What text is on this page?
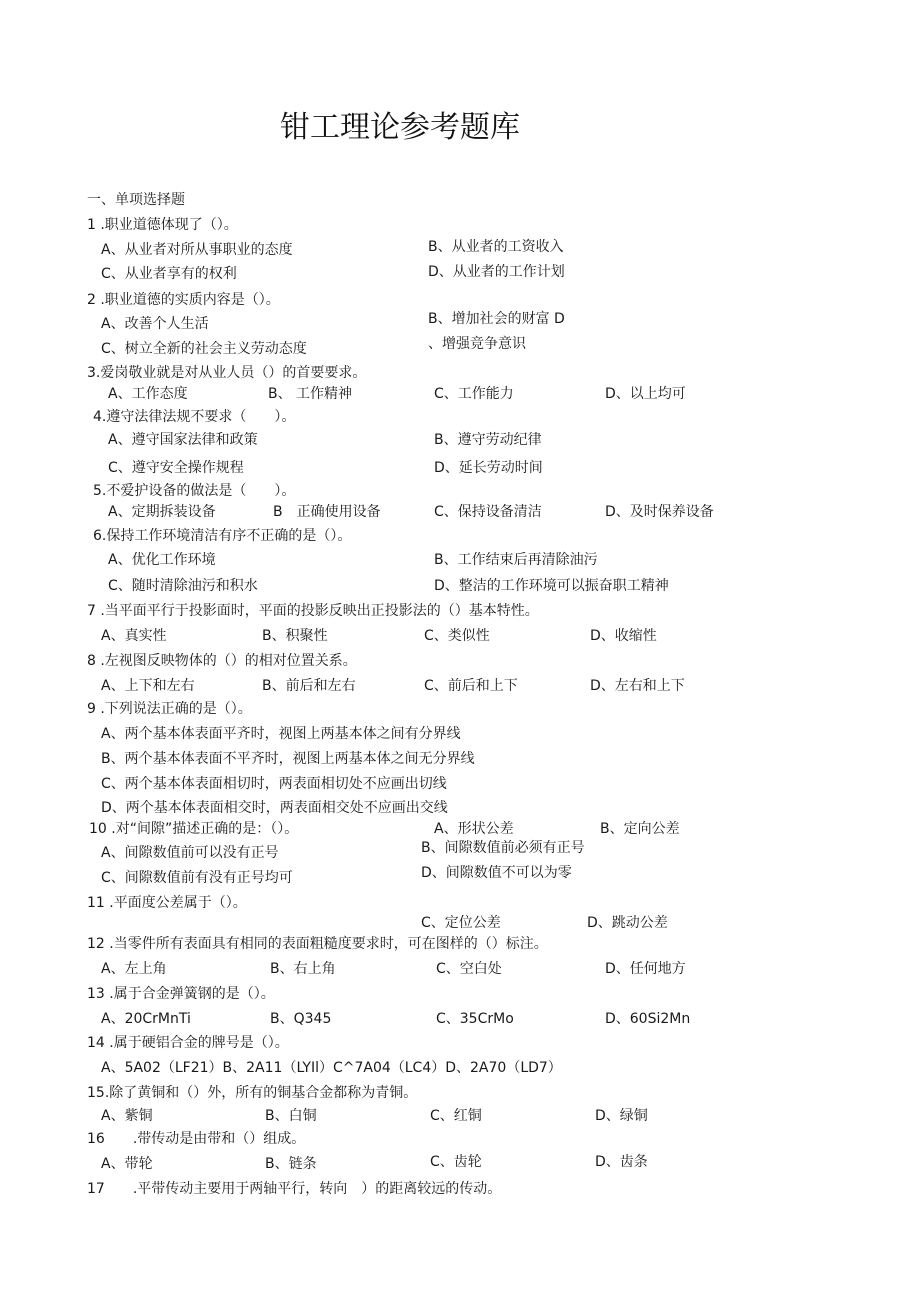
钳工理论参考题库
一、单项选择题
1 .职业道德体现了（）。
A、从业者对所从事职业的态度	B、从业者的工资收入
C、从业者享有的权利	D、从业者的工作计划
2 .职业道德的实质内容是（）。
A、改善个人生活	B、增加社会的财富 D
C、树立全新的社会主义劳动态度	、增强竞争意识
3.爱岗敬业就是对从业人员（）的首要要求。
A、工作态度	B、 工作精神	C、工作能力	D、以上均可
4.遵守法律法规不要求（　　）。
A、遵守国家法律和政策	B、遵守劳动纪律
C、遵守安全操作规程	D、延长劳动时间
5.不爱护设备的做法是（　　）。
A、定期拆装设备	B　正确使用设备	C、保持设备清洁	D、及时保养设备
6.保持工作环境清洁有序不正确的是（）。
A、优化工作环境	B、工作结束后再清除油污
C、随时清除油污和积水	D、整洁的工作环境可以振奋职工精神
7 .当平面平行于投影面时，平面的投影反映出正投影法的（）基本特性。
A、真实性	B、积聚性	C、类似性	D、收缩性
8 .左视图反映物体的（）的相对位置关系。
A、上下和左右	B、前后和左右	C、前后和上下	D、左右和上下
9 .下列说法正确的是（）。
A、两个基本体表面平齐时，视图上两基本体之间有分界线
B、两个基本体表面不平齐时，视图上两基本体之间无分界线
C、两个基本体表面相切时，两表面相切处不应画出切线
D、两个基本体表面相交时，两表面相交处不应画出交线
10 .对“间隙”描述正确的是：（）。	A、形状公差	B、定向公差
A、间隙数值前可以没有正号	B、间隙数值前必须有正号
C、间隙数值前有没有正号均可	D、间隙数值不可以为零
11 .平面度公差属于（）。
C、定位公差	D、跳动公差
12 .当零件所有表面具有相同的表面粗糙度要求时，可在图样的（）标注。
A、左上角	B、右上角	C、空白处	D、任何地方
13 .属于合金弹簧钢的是（）。
A、20CrMnTi	B、Q345	C、35CrMo	D、60Si2Mn
14 .属于硬铝合金的牌号是（）。
A、5A02（LF21）B、2A11（LYIl）C^7A04（LC4）D、2A70（LD7）
15.除了黄铜和（）外，所有的铜基合金都称为青铜。
A、紫铜	B、白铜	C、红铜	D、绿铜
16　　.带传动是由带和（）组成。
A、带轮	B、链条	C、齿轮	D、齿条
17　　.平带传动主要用于两轴平行，转向　）的距离较远的传动。
